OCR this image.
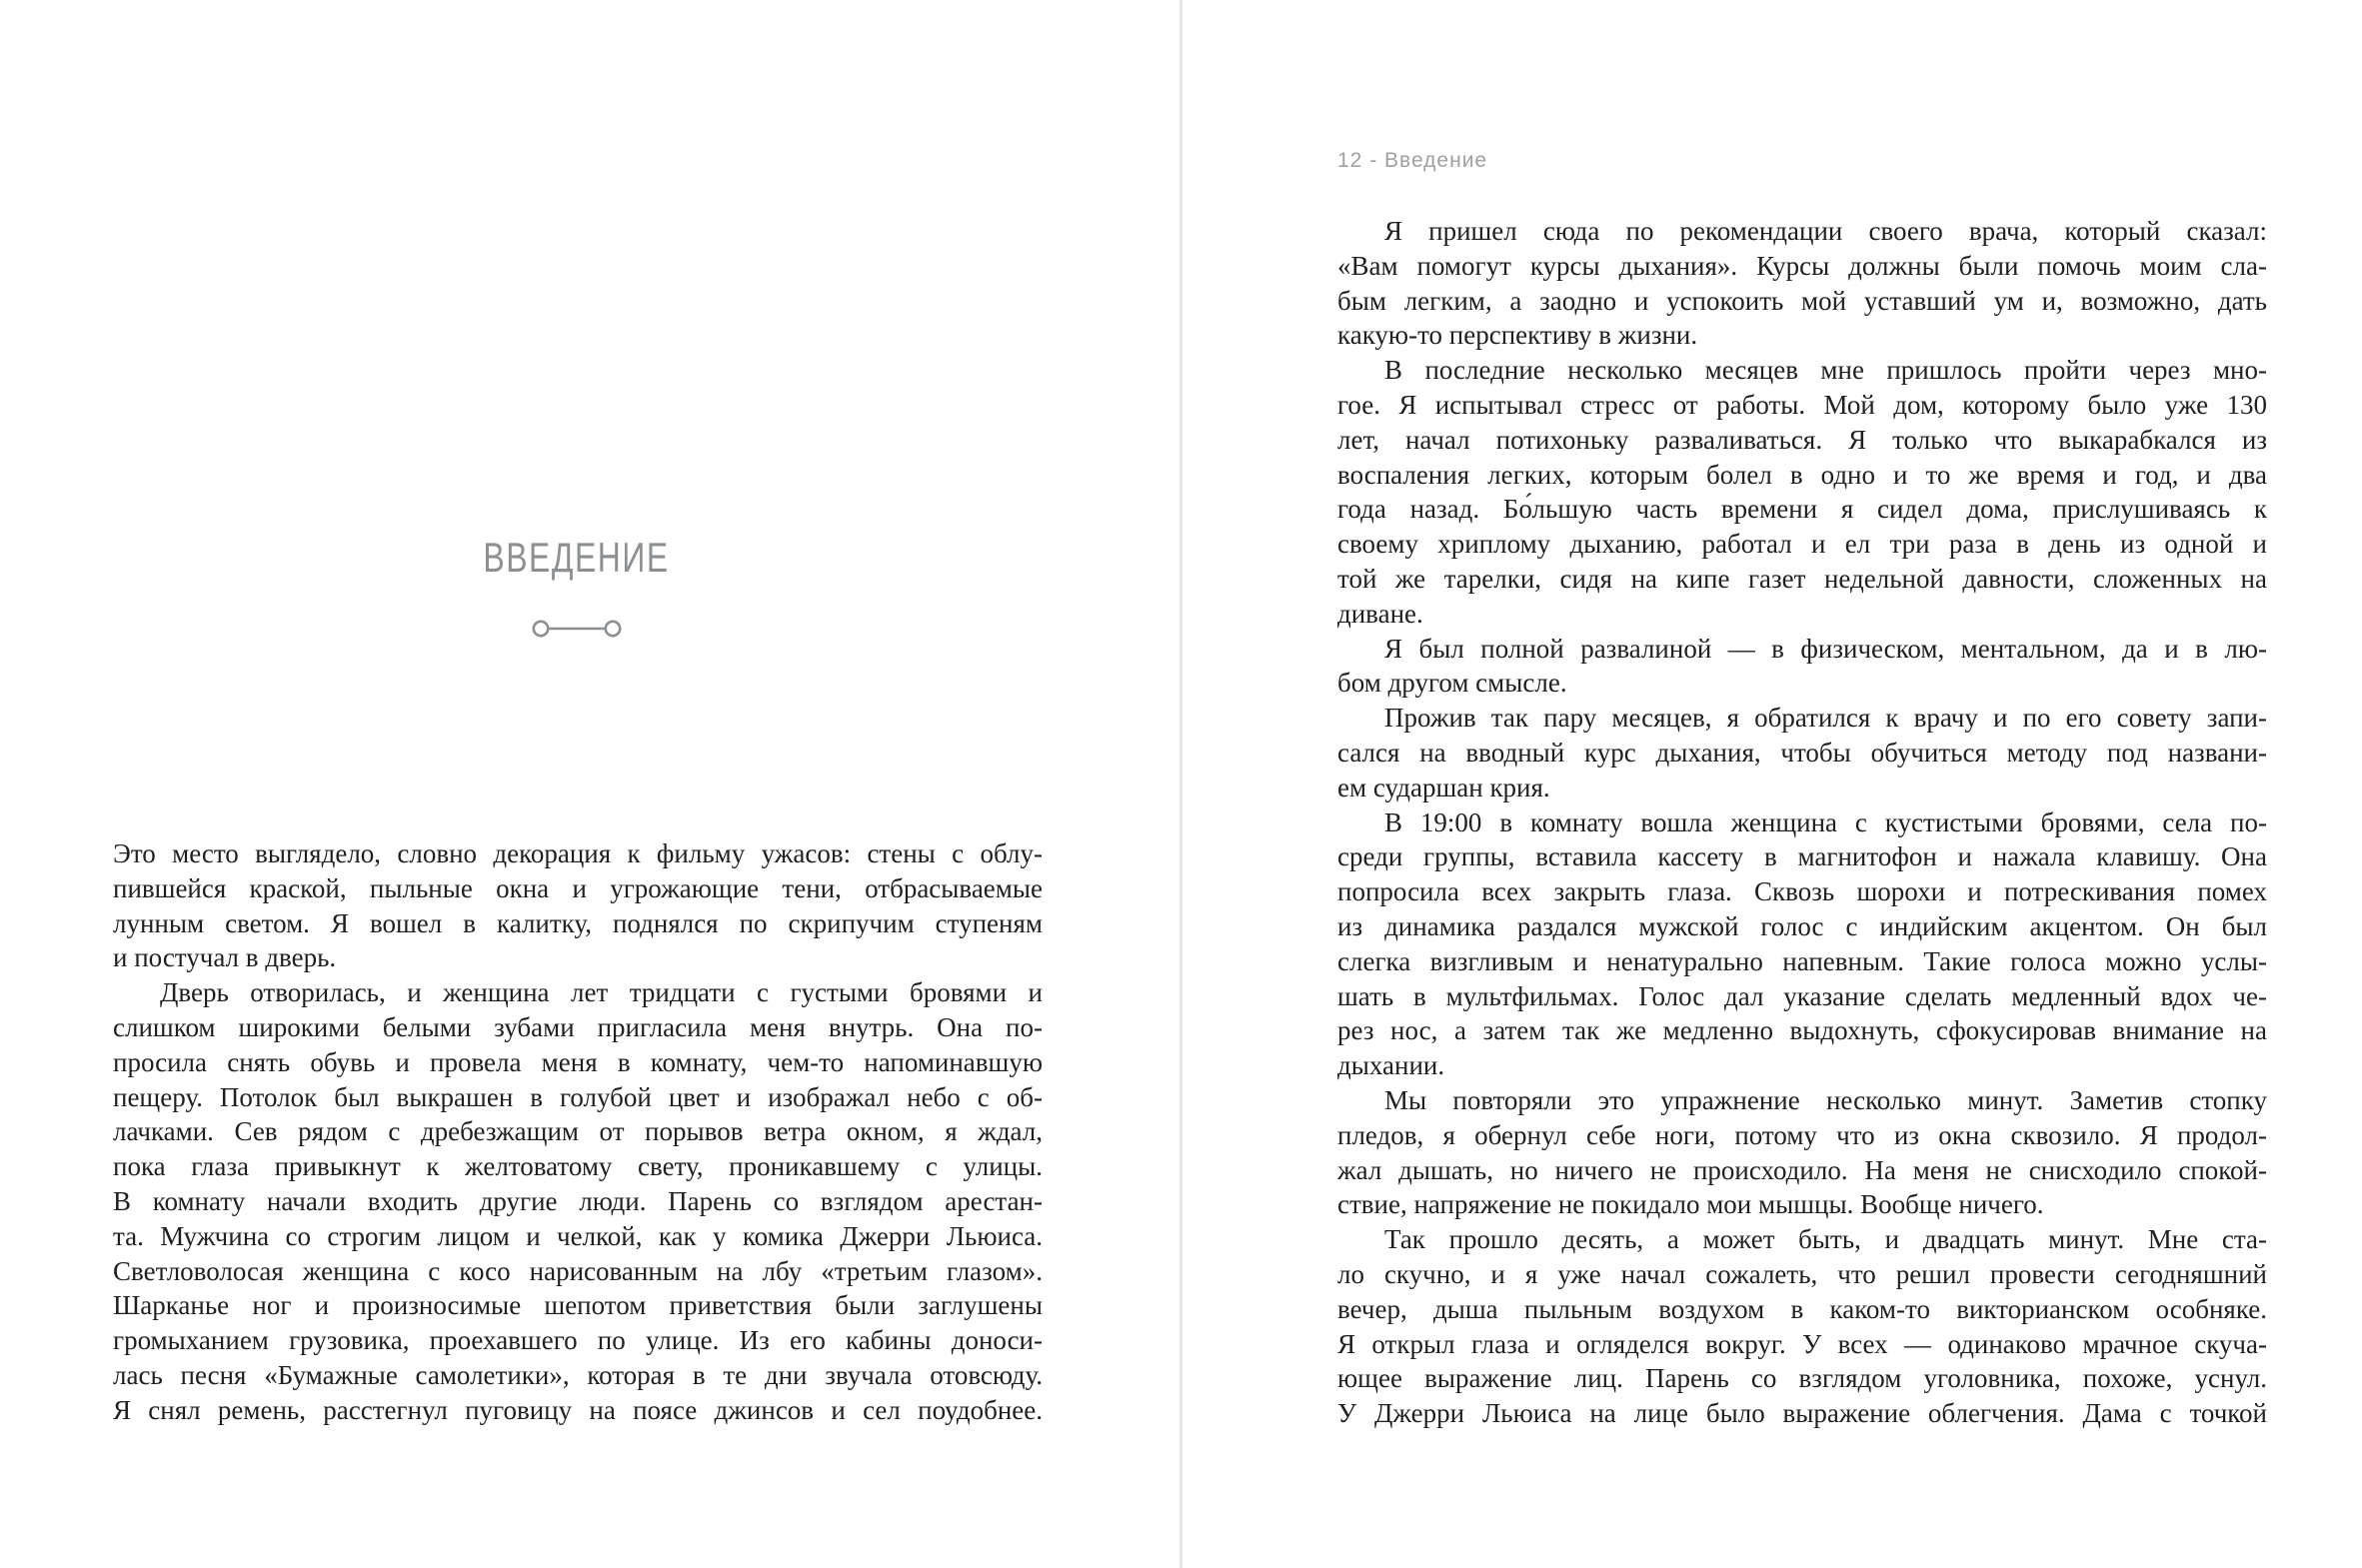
ВВЕДЕНИЕ
Это место выглядело, словно декорация к фильму ужасов: стены с облу-
пившейся краской, пыльные окна и угрожающие тени, отбрасываемые
лунным светом. Я вошел в калитку, поднялся по скрипучим ступеням
и постучал в дверь.
Дверь отворилась, и женщина лет тридцати с густыми бровями и
слишком широкими белыми зубами пригласила меня внутрь. Она по-
просила снять обувь и провела меня в комнату, чем-то напоминавшую
пещеру. Потолок был выкрашен в голубой цвет и изображал небо с об-
лачками. Сев рядом с дребезжащим от порывов ветра окном, я ждал,
пока глаза привыкнут к желтоватому свету, проникавшему с улицы.
В комнату начали входить другие люди. Парень со взглядом арестан-
та. Мужчина со строгим лицом и челкой, как у комика Джерри Льюиса.
Светловолосая женщина с косо нарисованным на лбу «третьим глазом».
Шарканье ног и произносимые шепотом приветствия были заглушены
громыханием грузовика, проехавшего по улице. Из его кабины доноси-
лась песня «Бумажные самолетики», которая в те дни звучала отовсюду.
Я снял ремень, расстегнул пуговицу на поясе джинсов и сел поудобнее.
12 - Введение
Я пришел сюда по рекомендации своего врача, который сказал:
«Вам помогут курсы дыхания». Курсы должны были помочь моим сла-
бым легким, а заодно и успокоить мой уставший ум и, возможно, дать
какую-то перспективу в жизни.
В последние несколько месяцев мне пришлось пройти через мно-
гое. Я испытывал стресс от работы. Мой дом, которому было уже 130
лет, начал потихоньку разваливаться. Я только что выкарабкался из
воспаления легких, которым болел в одно и то же время и год, и два
года назад. Бо́льшую часть времени я сидел дома, прислушиваясь к
своему хриплому дыханию, работал и ел три раза в день из одной и
той же тарелки, сидя на кипе газет недельной давности, сложенных на
диване.
Я был полной развалиной — в физическом, ментальном, да и в лю-
бом другом смысле.
Прожив так пару месяцев, я обратился к врачу и по его совету запи-
сался на вводный курс дыхания, чтобы обучиться методу под названи-
ем сударшан крия.
В 19:00 в комнату вошла женщина с кустистыми бровями, села по-
среди группы, вставила кассету в магнитофон и нажала клавишу. Она
попросила всех закрыть глаза. Сквозь шорохи и потрескивания помех
из динамика раздался мужской голос с индийским акцентом. Он был
слегка визгливым и ненатурально напевным. Такие голоса можно услы-
шать в мультфильмах. Голос дал указание сделать медленный вдох че-
рез нос, а затем так же медленно выдохнуть, сфокусировав внимание на
дыхании.
Мы повторяли это упражнение несколько минут. Заметив стопку
пледов, я обернул себе ноги, потому что из окна сквозило. Я продол-
жал дышать, но ничего не происходило. На меня не снисходило спокой-
ствие, напряжение не покидало мои мышцы. Вообще ничего.
Так прошло десять, а может быть, и двадцать минут. Мне ста-
ло скучно, и я уже начал сожалеть, что решил провести сегодняшний
вечер, дыша пыльным воздухом в каком-то викторианском особняке.
Я открыл глаза и огляделся вокруг. У всех — одинаково мрачное скуча-
ющее выражение лиц. Парень со взглядом уголовника, похоже, уснул.
У Джерри Льюиса на лице было выражение облегчения. Дама с точкой
